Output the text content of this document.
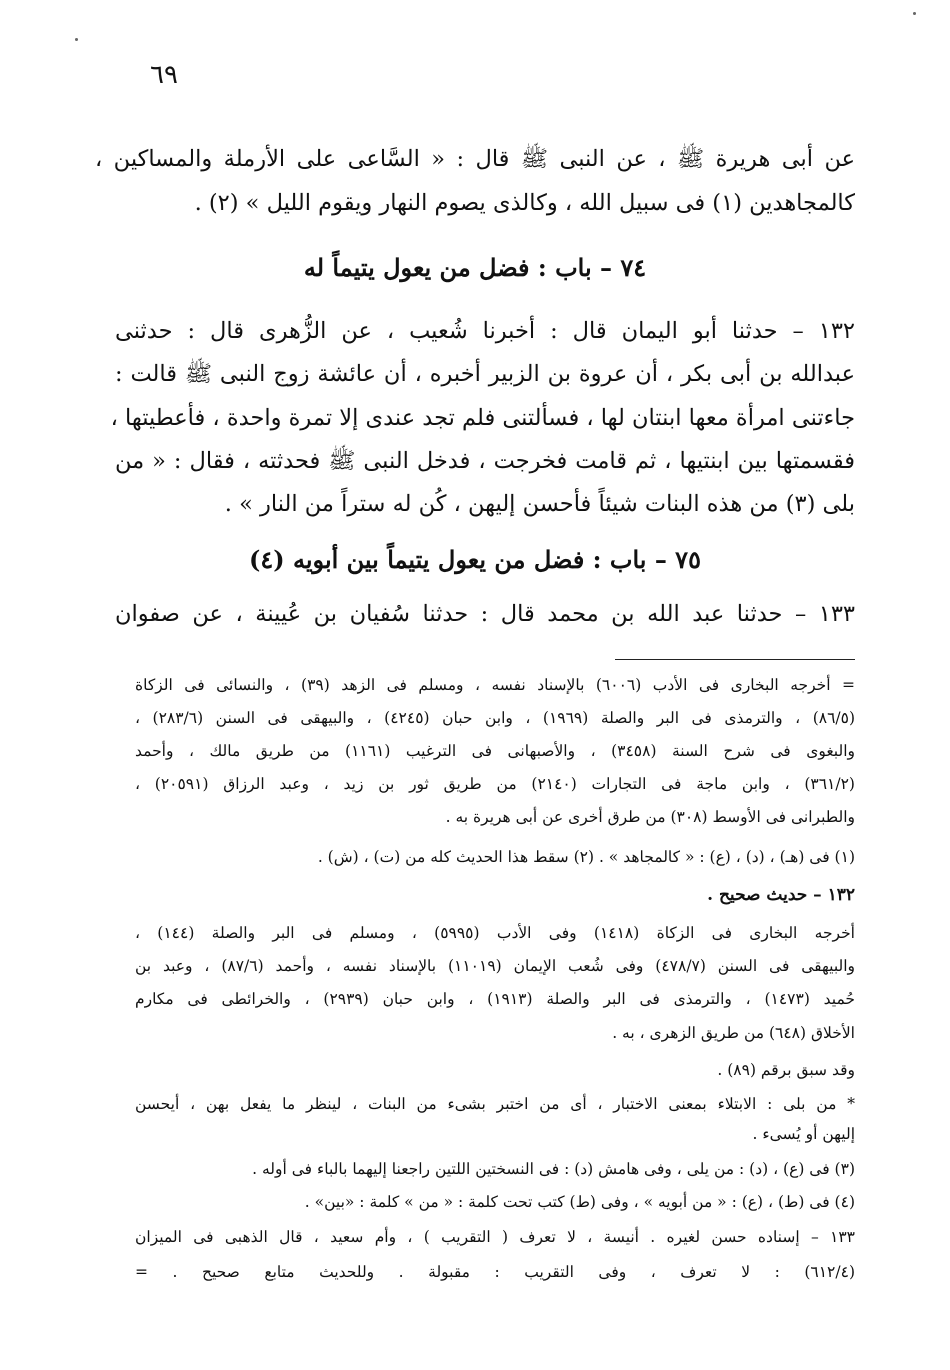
٦٩
عن أبى هريرة ﷺ ، عن النبى ﷺ قال : « السَّاعى على الأرملة والمساكين ،
كالمجاهدين (١) فى سبيل الله ، وكالذى يصوم النهار ويقوم الليل » (٢) .
٧٤ – باب : فضل من يعول يتيماً له
١٣٢ – حدثنا أبو اليمان قال : أخبرنا شُعيب ، عن الزُّهرى قال : حدثنى
عبدالله بن أبى بكر ، أن عروة بن الزبير أخبره ، أن عائشة زوج النبى ﷺ قالت :
جاءتنى امرأة معها ابنتان لها ، فسألتنى فلم تجد عندى إلا تمرة واحدة ، فأعطيتها ،
فقسمتها بين ابنتيها ، ثم قامت فخرجت ، فدخل النبى ﷺ فحدثته ، فقال : « من
بلى (٣) من هذه البنات شيئاً فأحسن إليهن ، كُن له ستراً من النار » .
٧٥ – باب : فضل من يعول يتيماً بين أبويه (٤)
١٣٣ – حدثنا عبد الله بن محمد قال : حدثنا سُفيان بن عُيينة ، عن صفوان
= أخرجه البخارى فى الأدب (٦٠٠٦) بالإسناد نفسه ، ومسلم فى الزهد (٣٩) ، والنسائى فى الزكاة
(٨٦/٥) ، والترمذى فى البر والصلة (١٩٦٩) ، وابن حبان (٤٢٤٥) ، والبيهقى فى السنن (٢٨٣/٦) ،
والبغوى فى شرح السنة (٣٤٥٨) ، والأصبهانى فى الترغيب (١١٦١) من طريق مالك ، وأحمد
(٣٦١/٢) ، وابن ماجة فى التجارات (٢١٤٠) من طريق ثور بن زيد ، وعبد الرزاق (٢٠٥٩١) ،
والطبرانى فى الأوسط (٣٠٨) من طرق أخرى عن أبى هريرة به .
(١) فى (هـ) ، (د) ، (ع) : « كالمجاهد » . (٢) سقط هذا الحديث كله من (ت) ، (ش) .
١٣٢ – حديث صحيح .
أخرجه البخارى فى الزكاة (١٤١٨) وفى الأدب (٥٩٩٥) ، ومسلم فى البر والصلة (١٤٤) ،
والبيهقى فى السنن (٤٧٨/٧) وفى شُعب الإيمان (١١٠١٩) بالإسناد نفسه ، وأحمد (٨٧/٦) ، وعبد بن
حُميد (١٤٧٣) ، والترمذى فى البر والصلة (١٩١٣) ، وابن حبان (٢٩٣٩) ، والخرائطى فى مكارم
الأخلاق (٦٤٨) من طريق الزهرى ، به .
وقد سبق برقم (٨٩) .
* من بلى : الابتلاء بمعنى الاختبار ، أى من اختبر بشىء من البنات ، لينظر ما يفعل بهن ، أيحسن
إليهن أو يُسىء .
(٣) فى (ع) ، (د) : من يلى ، وفى هامش (د) : فى النسختين اللتين راجعنا إليهما بالباء فى أوله .
(٤) فى (ط) ، (ع) : « من أبويه » ، وفى (ط) كتب تحت كلمة : « من » كلمة : «بين» .
١٣٣ – إسناده حسن لغيره . أنيسة ، لا تعرف ( التقريب ) ، وأم سعيد ، قال الذهبى فى الميزان
(٦١٢/٤) : لا تعرف ، وفى التقريب : مقبولة . وللحديث متابع صحيح . =
